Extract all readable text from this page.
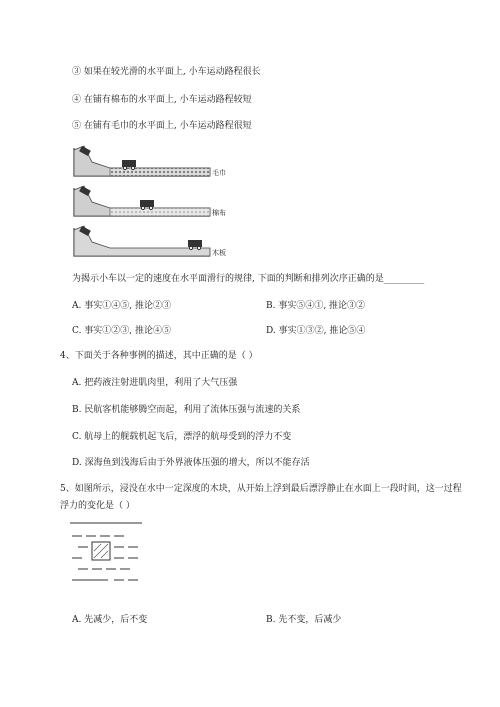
③ 如果在较光滑的水平面上, 小车运动路程很长
④ 在铺有棉布的水平面上, 小车运动路程较短
⑤ 在铺有毛巾的水平面上, 小车运动路程很短
毛巾
棉布
木板
为揭示小车以一定的速度在水平面滑行的规律, 下面的判断和排列次序正确的是_________
A. 事实①④⑤, 推论②③	B. 事实⑤④①, 推论③②
C. 事实①②③, 推论④⑤	D. 事实①③②, 推论⑤④
4、下面关于各种事例的描述，其中正确的是（ ）
A. 把药液注射进肌肉里，利用了大气压强
B. 民航客机能够腾空而起，利用了流体压强与流速的关系
C. 航母上的舰载机起飞后，漂浮的航母受到的浮力不变
D. 深海鱼到浅海后由于外界液体压强的增大，所以不能存活
5、如图所示，浸没在水中一定深度的木块，从开始上浮到最后漂浮静止在水面上一段时间，这一过程
浮力的变化是（ ）
A. 先减少，后不变	B. 先不变，后减少
